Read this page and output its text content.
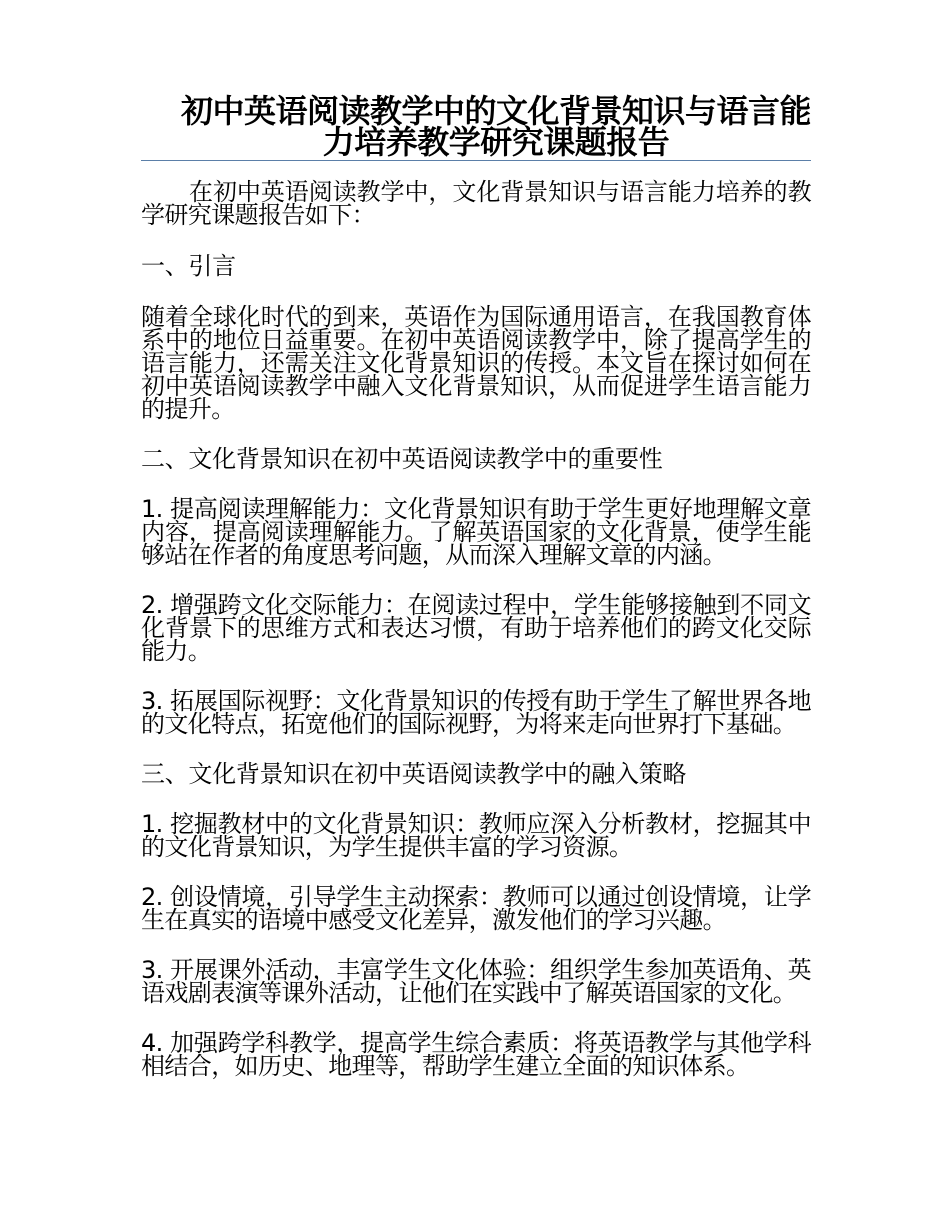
初中英语阅读教学中的文化背景知识与语言能力培养教学研究课题报告

在初中英语阅读教学中，文化背景知识与语言能力培养的教学研究课题报告如下：

一、引言

随着全球化时代的到来，英语作为国际通用语言，在我国教育体系中的地位日益重要。在初中英语阅读教学中，除了提高学生的语言能力，还需关注文化背景知识的传授。本文旨在探讨如何在初中英语阅读教学中融入文化背景知识，从而促进学生语言能力的提升。

二、文化背景知识在初中英语阅读教学中的重要性

1. 提高阅读理解能力：文化背景知识有助于学生更好地理解文章内容，提高阅读理解能力。了解英语国家的文化背景，使学生能够站在作者的角度思考问题，从而深入理解文章的内涵。

2. 增强跨文化交际能力：在阅读过程中，学生能够接触到不同文化背景下的思维方式和表达习惯，有助于培养他们的跨文化交际能力。

3. 拓展国际视野：文化背景知识的传授有助于学生了解世界各地的文化特点，拓宽他们的国际视野，为将来走向世界打下基础。

三、文化背景知识在初中英语阅读教学中的融入策略

1. 挖掘教材中的文化背景知识：教师应深入分析教材，挖掘其中的文化背景知识，为学生提供丰富的学习资源。

2. 创设情境，引导学生主动探索：教师可以通过创设情境，让学生在真实的语境中感受文化差异，激发他们的学习兴趣。

3. 开展课外活动，丰富学生文化体验：组织学生参加英语角、英语戏剧表演等课外活动，让他们在实践中了解英语国家的文化。

4. 加强跨学科教学，提高学生综合素质：将英语教学与其他学科相结合，如历史、地理等，帮助学生建立全面的知识体系。
